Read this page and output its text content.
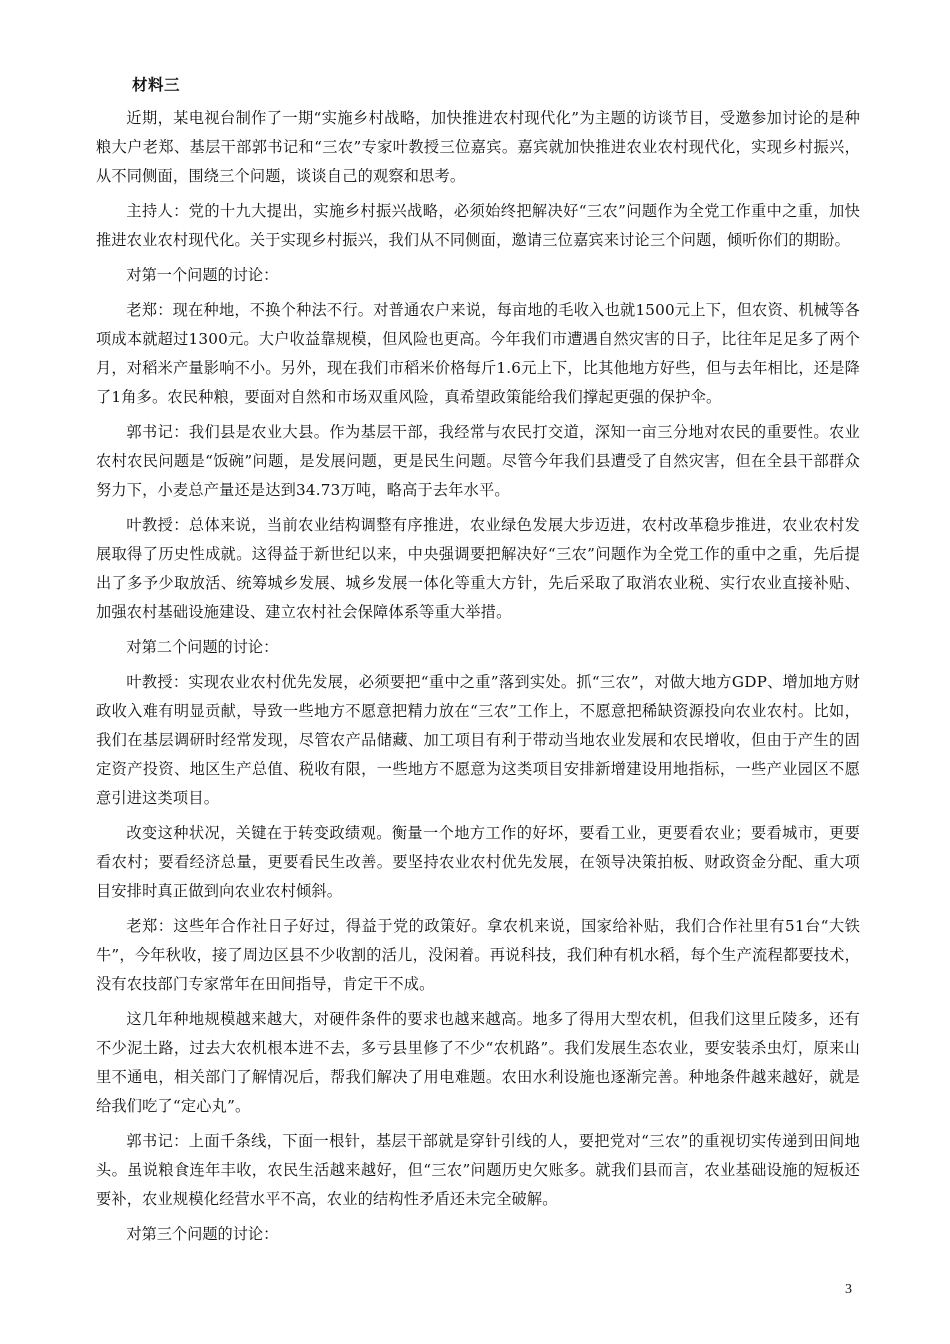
材料三

近期，某电视台制作了一期“实施乡村战略，加快推进农村现代化”为主题的访谈节目，受邀参加讨论的是种粮大户老郑、基层干部郭书记和“三农”专家叶教授三位嘉宾。嘉宾就加快推进农业农村现代化，实现乡村振兴，从不同侧面，围绕三个问题，谈谈自己的观察和思考。

主持人：党的十九大提出，实施乡村振兴战略，必须始终把解决好“三农”问题作为全党工作重中之重，加快推进农业农村现代化。关于实现乡村振兴，我们从不同侧面，邀请三位嘉宾来讨论三个问题，倾听你们的期盼。

对第一个问题的讨论：

老郑：现在种地，不换个种法不行。对普通农户来说，每亩地的毛收入也就1500元上下，但农资、机械等各项成本就超过1300元。大户收益靠规模，但风险也更高。今年我们市遭遇自然灾害的日子，比往年足足多了两个月，对稻米产量影响不小。另外，现在我们市稻米价格每斤1.6元上下，比其他地方好些，但与去年相比，还是降了1角多。农民种粮，要面对自然和市场双重风险，真希望政策能给我们撑起更强的保护伞。

郭书记：我们县是农业大县。作为基层干部，我经常与农民打交道，深知一亩三分地对农民的重要性。农业农村农民问题是“饭碗”问题，是发展问题，更是民生问题。尽管今年我们县遭受了自然灾害，但在全县干部群众努力下，小麦总产量还是达到34.73万吨，略高于去年水平。

叶教授：总体来说，当前农业结构调整有序推进，农业绿色发展大步迈进，农村改革稳步推进，农业农村发展取得了历史性成就。这得益于新世纪以来，中央强调要把解决好“三农”问题作为全党工作的重中之重，先后提出了多予少取放活、统筹城乡发展、城乡发展一体化等重大方针，先后采取了取消农业税、实行农业直接补贴、加强农村基础设施建设、建立农村社会保障体系等重大举措。

对第二个问题的讨论：

叶教授：实现农业农村优先发展，必须要把“重中之重”落到实处。抓“三农”，对做大地方GDP、增加地方财政收入难有明显贡献，导致一些地方不愿意把精力放在“三农”工作上，不愿意把稀缺资源投向农业农村。比如，我们在基层调研时经常发现，尽管农产品储藏、加工项目有利于带动当地农业发展和农民增收，但由于产生的固定资产投资、地区生产总值、税收有限，一些地方不愿意为这类项目安排新增建设用地指标，一些产业园区不愿意引进这类项目。

改变这种状况，关键在于转变政绩观。衡量一个地方工作的好坏，要看工业，更要看农业；要看城市，更要看农村；要看经济总量，更要看民生改善。要坚持农业农村优先发展，在领导决策拍板、财政资金分配、重大项目安排时真正做到向农业农村倾斜。

老郑：这些年合作社日子好过，得益于党的政策好。拿农机来说，国家给补贴，我们合作社里有51台“大铁牛”，今年秋收，接了周边区县不少收割的活儿，没闲着。再说科技，我们种有机水稻，每个生产流程都要技术，没有农技部门专家常年在田间指导，肯定干不成。

这几年种地规模越来越大，对硬件条件的要求也越来越高。地多了得用大型农机，但我们这里丘陵多，还有不少泥土路，过去大农机根本进不去，多亏县里修了不少“农机路”。我们发展生态农业，要安装杀虫灯，原来山里不通电，相关部门了解情况后，帮我们解决了用电难题。农田水利设施也逐渐完善。种地条件越来越好，就是给我们吃了“定心丸”。

郭书记：上面千条线，下面一根针，基层干部就是穿针引线的人，要把党对“三农”的重视切实传递到田间地头。虽说粮食连年丰收，农民生活越来越好，但“三农”问题历史欠账多。就我们县而言，农业基础设施的短板还要补，农业规模化经营水平不高，农业的结构性矛盾还未完全破解。

对第三个问题的讨论：

3
